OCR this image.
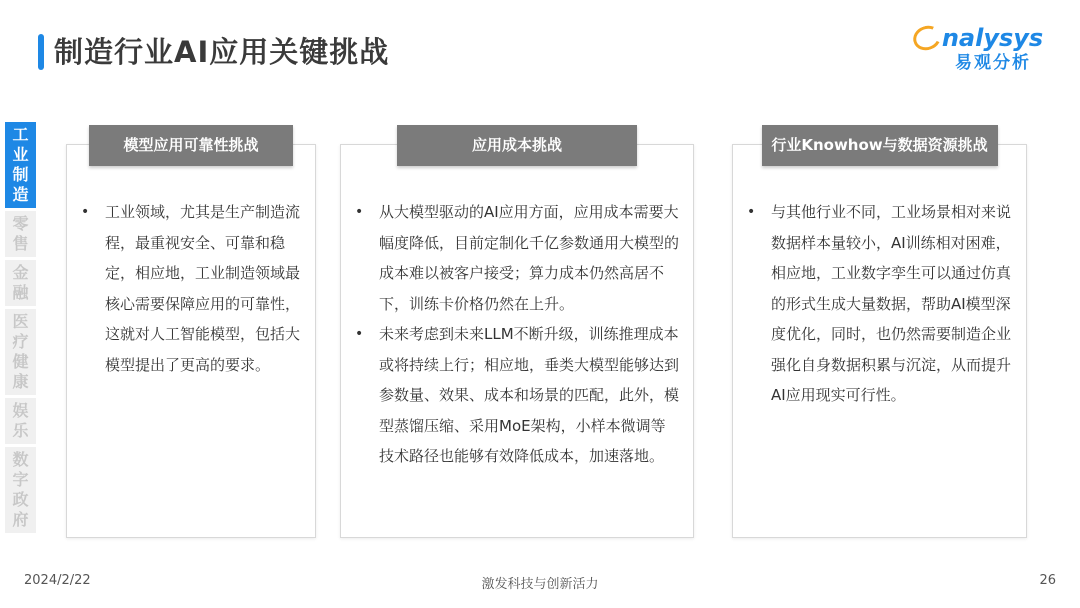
制造行业AI应用关键挑战	nalysys
易观分析
工
业
制
造
零
售
金
融
医
疗
健
康
娱
乐
数
字
政
府
模型应用可靠性挑战
• 工业领域，尤其是生产制造流程，最重视安全、可靠和稳定，相应地，工业制造领域最核心需要保障应用的可靠性，这就对人工智能模型，包括大模型提出了更高的要求。
应用成本挑战
• 从大模型驱动的AI应用方面，应用成本需要大幅度降低，目前定制化千亿参数通用大模型的成本难以被客户接受；算力成本仍然高居不下，训练卡价格仍然在上升。
• 未来考虑到未来LLM不断升级，训练推理成本或将持续上行；相应地，垂类大模型能够达到参数量、效果、成本和场景的匹配，此外，模型蒸馏压缩、采用MoE架构，小样本微调等技术路径也能够有效降低成本，加速落地。
行业Knowhow与数据资源挑战
• 与其他行业不同，工业场景相对来说数据样本量较小，AI训练相对困难，相应地，工业数字孪生可以通过仿真的形式生成大量数据，帮助AI模型深度优化，同时，也仍然需要制造企业强化自身数据积累与沉淀，从而提升AI应用现实可行性。
2024/2/22	激发科技与创新活力	26
